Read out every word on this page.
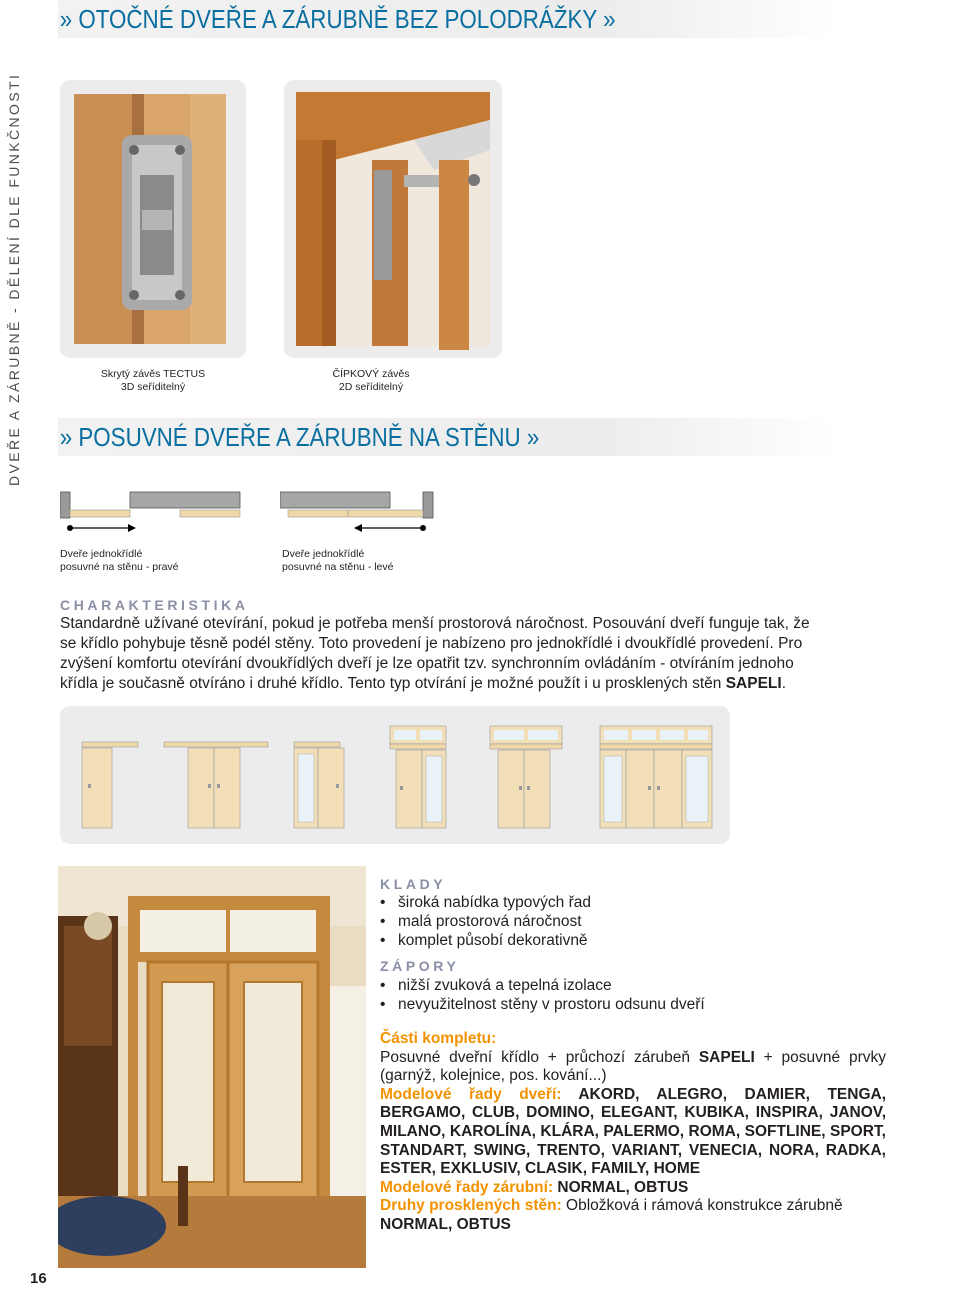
DVEŘE A ZÁRUBNĚ - DĚLENÍ DLE FUNKČNOSTI
» OTOČNÉ DVEŘE A ZÁRUBNĚ BEZ POLODRÁŽKY »
Skrytý závěs TECTUS
3D seříditelný
ČÍPKOVÝ závěs
2D seříditelný
» POSUVNÉ DVEŘE A ZÁRUBNĚ NA STĚNU »
Dveře jednokřídlé
posuvné na stěnu - pravé
Dveře jednokřídlé
posuvné na stěnu - levé
CHARAKTERISTIKA
Standardně užívané otevírání, pokud je potřeba menší prostorová náročnost. Posouvání dveří funguje tak, že
se křídlo pohybuje těsně podél stěny. Toto provedení je nabízeno pro jednokřídlé i dvoukřídlé provedení. Pro
zvýšení komfortu otevírání dvoukřídlých dveří je lze opatřit tzv. synchronním ovládáním - otvíráním jednoho
křídla je současně otvíráno i druhé křídlo. Tento typ otvírání je možné použít i u prosklených stěn SAPELI.
KLADY
• široká nabídka typových řad
• malá prostorová náročnost
• komplet působí dekorativně
ZÁPORY
• nižší zvuková a tepelná izolace
• nevyužitelnost stěny v prostoru odsunu dveří
Části kompletu:
Posuvné dveřní křídlo + průchozí zárubeň SAPELI + posuvné prvky (garnýž, kolejnice, pos. kování...)
Modelové řady dveří: AKORD, ALEGRO, DAMIER, TENGA, BERGAMO, CLUB, DOMINO, ELEGANT, KUBIKA, INSPIRA, JANOV, MILANO, KAROLÍNA, KLÁRA, PALERMO, ROMA, SOFTLINE, SPORT, STANDART, SWING, TRENTO, VARIANT, VENECIA, NORA, RADKA, ESTER, EXKLUSIV, CLASIK, FAMILY, HOME
Modelové řady zárubní: NORMAL, OBTUS
Druhy prosklených stěn: Obložková i rámová konstrukce zárubně
NORMAL, OBTUS
16
